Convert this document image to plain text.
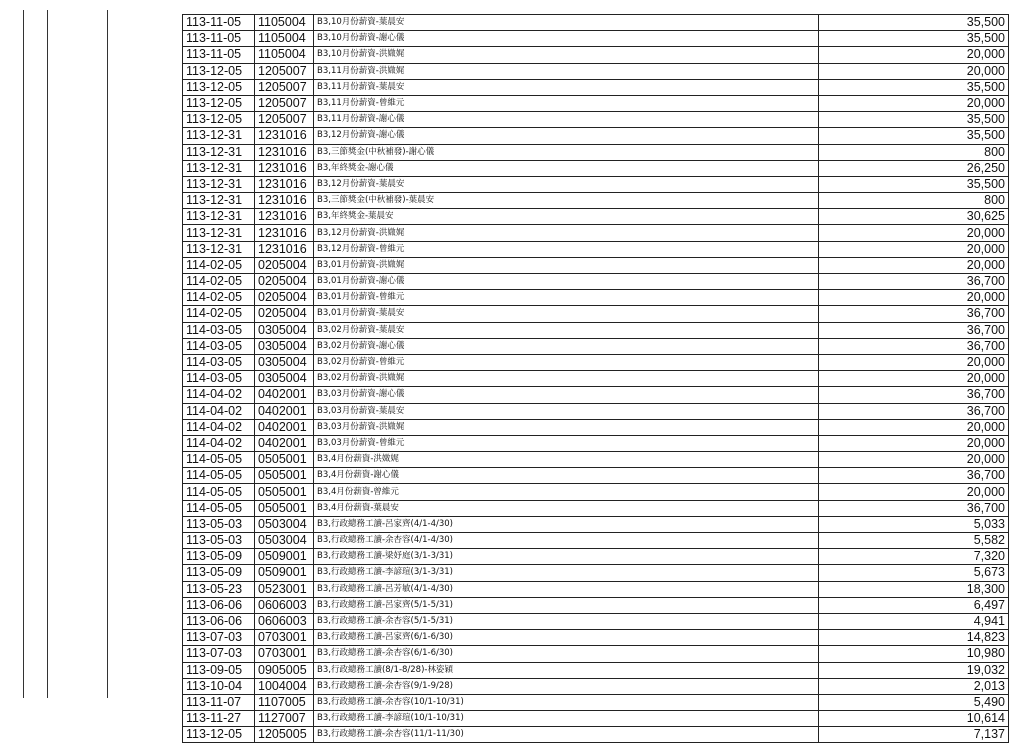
113-11-05	1105004	B3,10月份薪資-葉晨安	35,500
113-11-05	1105004	B3,10月份薪資-謝心儀	35,500
113-11-05	1105004	B3,10月份薪資-洪媺娓	20,000
113-12-05	1205007	B3,11月份薪資-洪媺娓	20,000
113-12-05	1205007	B3,11月份薪資-葉晨安	35,500
113-12-05	1205007	B3,11月份薪資-曾維元	20,000
113-12-05	1205007	B3,11月份薪資-謝心儀	35,500
113-12-31	1231016	B3,12月份薪資-謝心儀	35,500
113-12-31	1231016	B3,三節獎金(中秋補發)-謝心儀	800
113-12-31	1231016	B3,年終獎金-謝心儀	26,250
113-12-31	1231016	B3,12月份薪資-葉晨安	35,500
113-12-31	1231016	B3,三節獎金(中秋補發)-葉晨安	800
113-12-31	1231016	B3,年終獎金-葉晨安	30,625
113-12-31	1231016	B3,12月份薪資-洪媺娓	20,000
113-12-31	1231016	B3,12月份薪資-曾維元	20,000
114-02-05	0205004	B3,01月份薪資-洪媺娓	20,000
114-02-05	0205004	B3,01月份薪資-謝心儀	36,700
114-02-05	0205004	B3,01月份薪資-曾維元	20,000
114-02-05	0205004	B3,01月份薪資-葉晨安	36,700
114-03-05	0305004	B3,02月份薪資-葉晨安	36,700
114-03-05	0305004	B3,02月份薪資-謝心儀	36,700
114-03-05	0305004	B3,02月份薪資-曾維元	20,000
114-03-05	0305004	B3,02月份薪資-洪媺娓	20,000
114-04-02	0402001	B3,03月份薪資-謝心儀	36,700
114-04-02	0402001	B3,03月份薪資-葉晨安	36,700
114-04-02	0402001	B3,03月份薪資-洪媺娓	20,000
114-04-02	0402001	B3,03月份薪資-曾維元	20,000
114-05-05	0505001	B3,4月份薪資-洪媺娓	20,000
114-05-05	0505001	B3,4月份薪資-謝心儀	36,700
114-05-05	0505001	B3,4月份薪資-曾維元	20,000
114-05-05	0505001	B3,4月份薪資-葉晨安	36,700
113-05-03	0503004	B3,行政總務工讀-呂家齊(4/1-4/30)	5,033
113-05-03	0503004	B3,行政總務工讀-余杏容(4/1-4/30)	5,582
113-05-09	0509001	B3,行政總務工讀-梁妤庭(3/1-3/31)	7,320
113-05-09	0509001	B3,行政總務工讀-李諺瑄(3/1-3/31)	5,673
113-05-23	0523001	B3,行政總務工讀-呂芳敏(4/1-4/30)	18,300
113-06-06	0606003	B3,行政總務工讀-呂家齊(5/1-5/31)	6,497
113-06-06	0606003	B3,行政總務工讀-余杏容(5/1-5/31)	4,941
113-07-03	0703001	B3,行政總務工讀-呂家齊(6/1-6/30)	14,823
113-07-03	0703001	B3,行政總務工讀-余杏容(6/1-6/30)	10,980
113-09-05	0905005	B3,行政總務工讀(8/1-8/28)-林姿穎	19,032
113-10-04	1004004	B3,行政總務工讀-余杏容(9/1-9/28)	2,013
113-11-07	1107005	B3,行政總務工讀-余杏容(10/1-10/31)	5,490
113-11-27	1127007	B3,行政總務工讀-李諺瑄(10/1-10/31)	10,614
113-12-05	1205005	B3,行政總務工讀-余杏容(11/1-11/30)	7,137
